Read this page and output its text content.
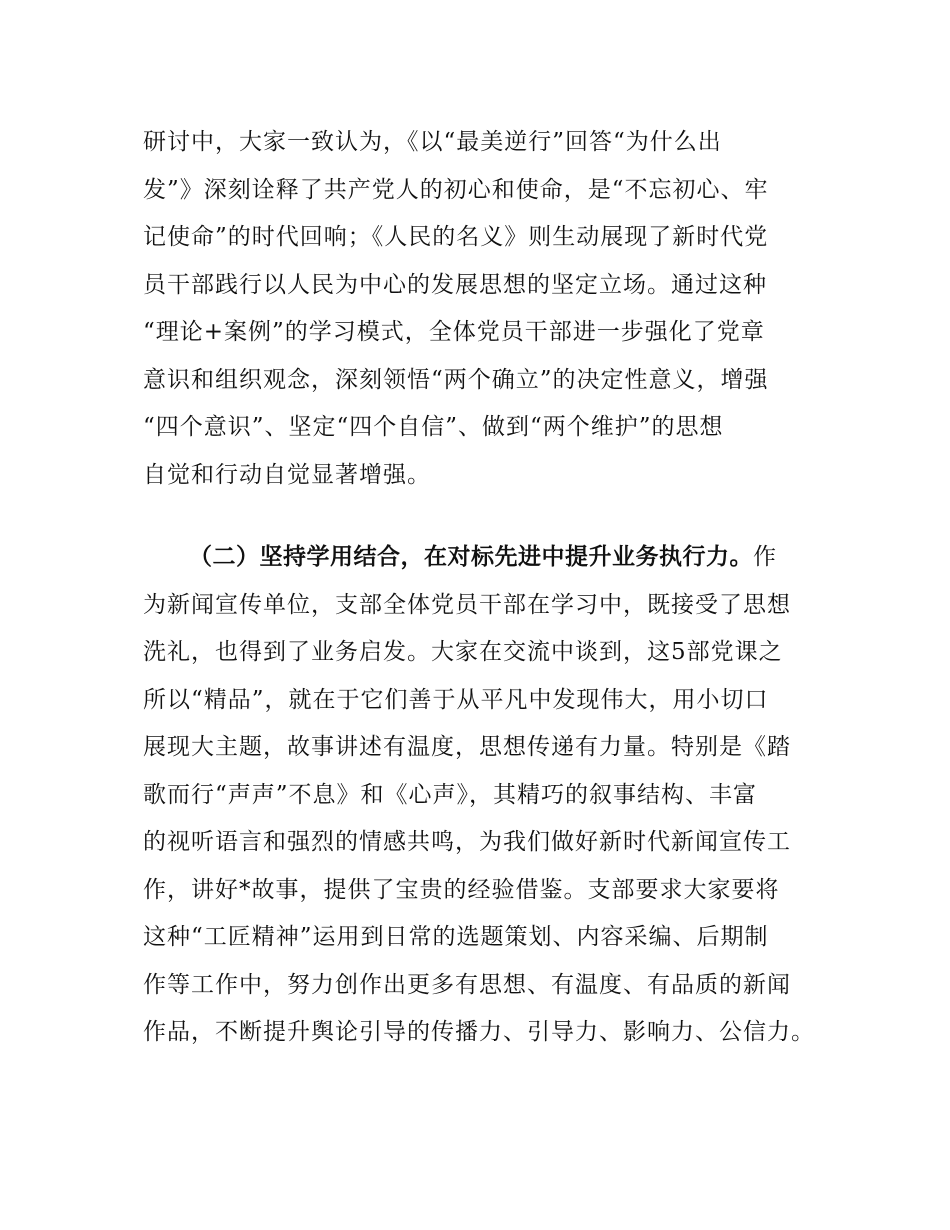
研讨中，大家一致认为，《以“最美逆行”回答“为什么出
发”》深刻诠释了共产党人的初心和使命，是“不忘初心、牢
记使命”的时代回响；《人民的名义》则生动展现了新时代党
员干部践行以人民为中心的发展思想的坚定立场。通过这种
“理论+案例”的学习模式，全体党员干部进一步强化了党章
意识和组织观念，深刻领悟“两个确立”的决定性意义，增强
“四个意识”、坚定“四个自信”、做到“两个维护”的思想
自觉和行动自觉显著增强。
（二）坚持学用结合，在对标先进中提升业务执行力。作
为新闻宣传单位，支部全体党员干部在学习中，既接受了思想
洗礼，也得到了业务启发。大家在交流中谈到，这5部党课之
所以“精品”，就在于它们善于从平凡中发现伟大，用小切口
展现大主题，故事讲述有温度，思想传递有力量。特别是《踏
歌而行“声声”不息》和《心声》，其精巧的叙事结构、丰富
的视听语言和强烈的情感共鸣，为我们做好新时代新闻宣传工
作，讲好*故事，提供了宝贵的经验借鉴。支部要求大家要将
这种“工匠精神”运用到日常的选题策划、内容采编、后期制
作等工作中，努力创作出更多有思想、有温度、有品质的新闻
作品，不断提升舆论引导的传播力、引导力、影响力、公信力。
